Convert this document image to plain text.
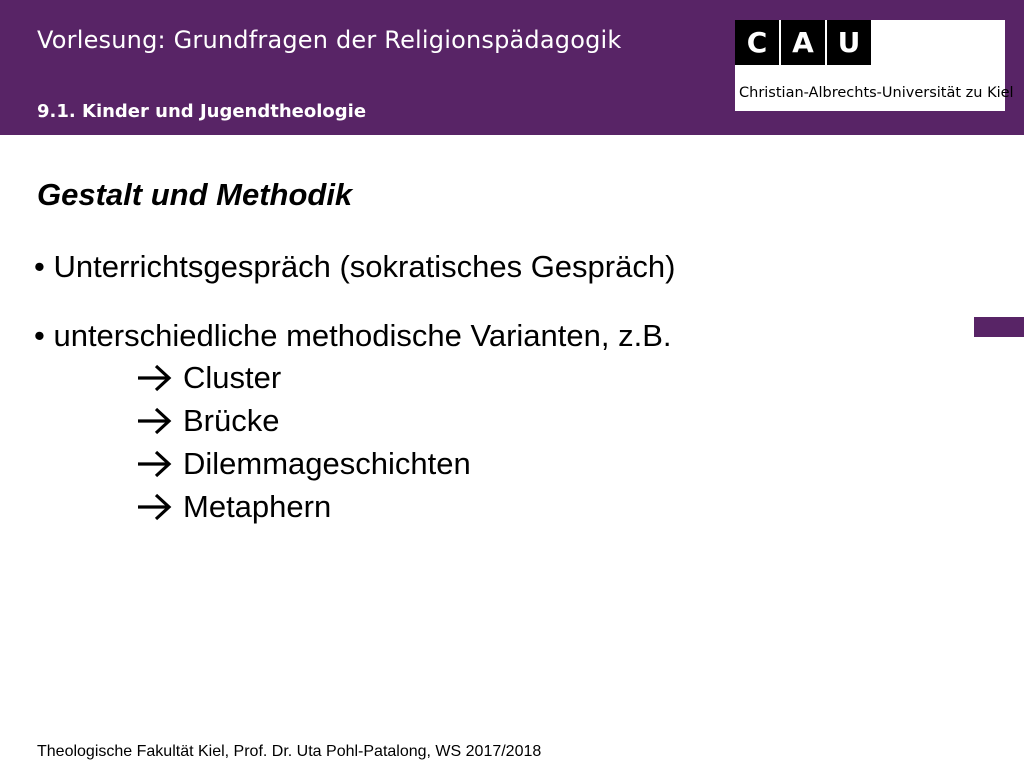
Vorlesung: Grundfragen der Religionspädagogik
9.1. Kinder und Jugendtheologie
C A U
Christian-Albrechts-Universität zu Kiel
Gestalt und Methodik
• Unterrichtsgespräch (sokratisches Gespräch)
• unterschiedliche methodische Varianten, z.B.
Cluster
Brücke
Dilemmageschichten
Metaphern
Theologische Fakultät Kiel, Prof. Dr. Uta Pohl-Patalong, WS 2017/2018
